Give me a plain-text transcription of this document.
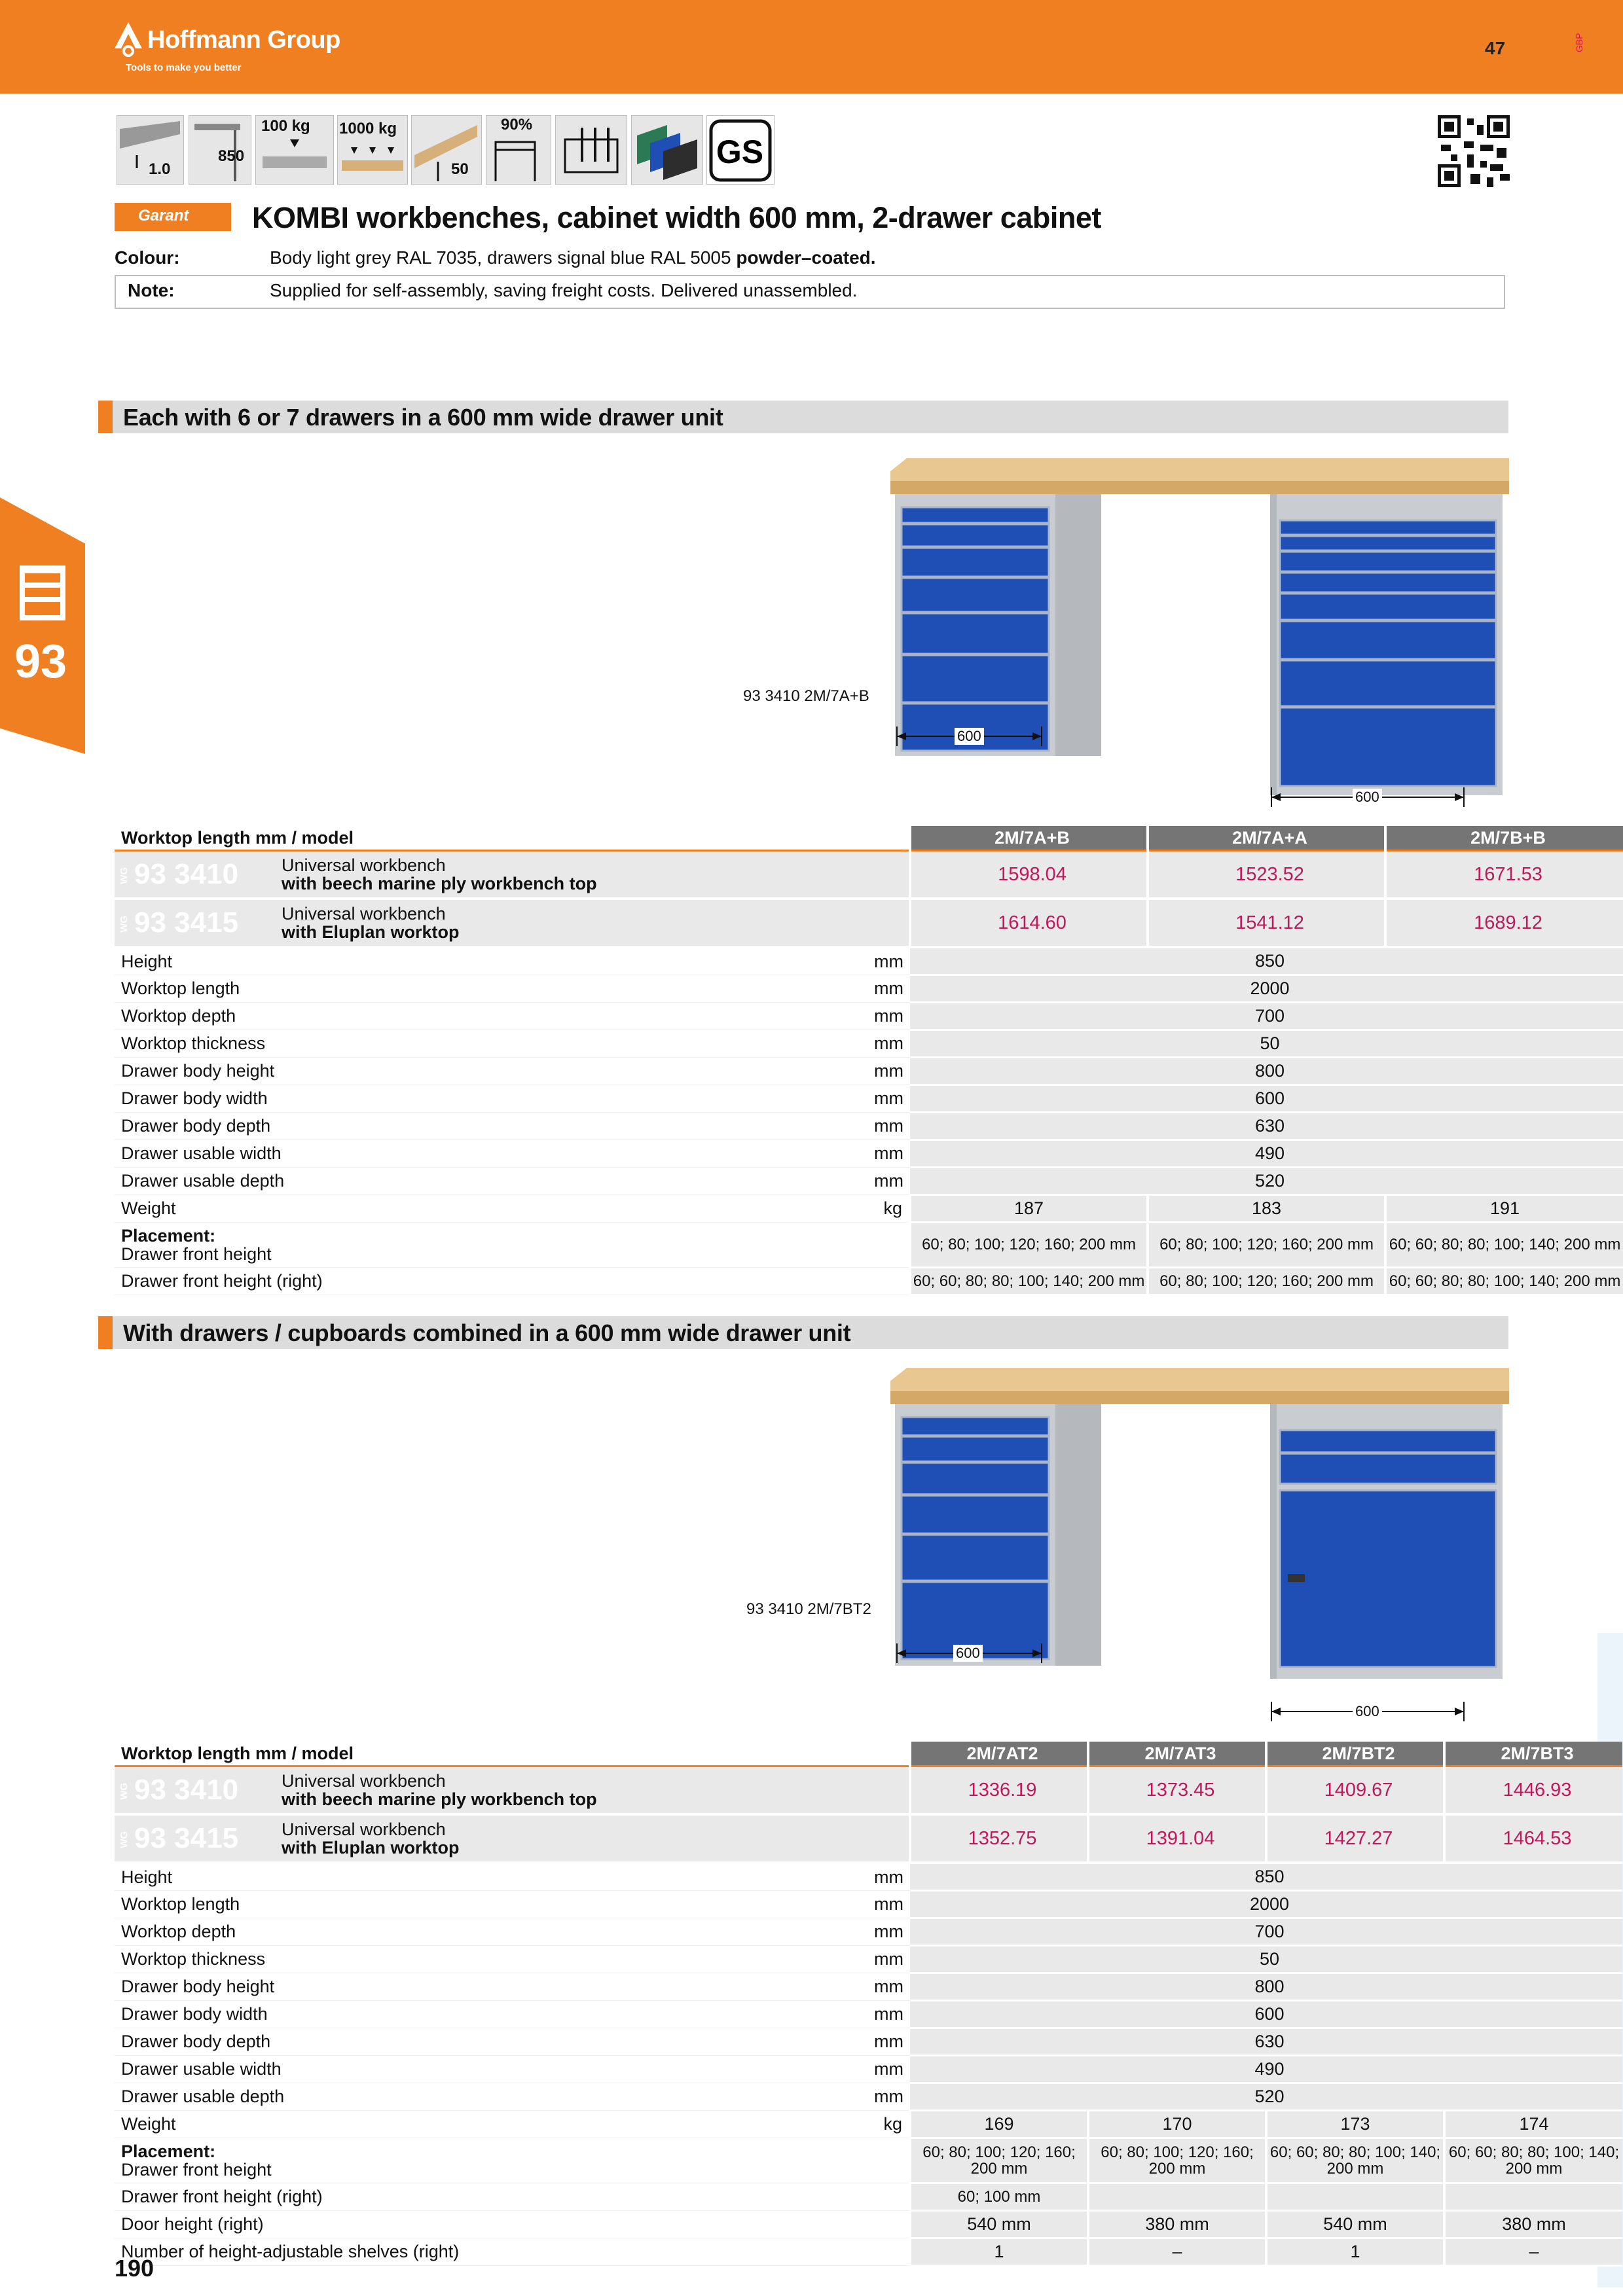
Hoffmann Group
Tools to make you better
47	GBP
1.0
850
100 kg 1000 kg
50
90%
GS
Garant	KOMBI workbenches, cabinet width 600 mm, 2-drawer cabinet
Colour:	Body light grey RAL 7035, drawers signal blue RAL 5005 powder–coated.
Note:	Supplied for self-assembly, saving freight costs. Delivered unassembled.
93
Each with 6 or 7 drawers in a 600 mm wide drawer unit
93 3410 2M/7A+B
600
600
Worktop length mm / model			2M/7A+B	2M/7A+A	2M/7B+B
WG 93 3410	Universal workbench
with beech marine ply workbench top		1598.04	1523.52	1671.53
WG 93 3415	Universal workbench
with Eluplan worktop		1614.60	1541.12	1689.12
Height		mm	850		
Worktop length		mm	2000		
Worktop depth		mm	700		
Worktop thickness		mm	50		
Drawer body height		mm	800		
Drawer body width		mm	600		
Drawer body depth		mm	630		
Drawer usable width		mm	490		
Drawer usable depth		mm	520		
Weight		kg	187	183	191

Placement:
Drawer front height			60; 80; 100; 120; 160; 200 mm	60; 80; 100; 120; 160; 200 mm	60; 60; 80; 80; 100; 140; 200 mm
Drawer front height (right)			60; 60; 80; 80; 100; 140; 200 mm	60; 80; 100; 120; 160; 200 mm	60; 60; 80; 80; 100; 140; 200 mm
With drawers / cupboards combined in a 600 mm wide drawer unit
93 3410 2M/7BT2
600
600
Worktop length mm / model			2M/7AT2	2M/7AT3	2M/7BT2	2M/7BT3
WG 93 3410	Universal workbench
with beech marine ply workbench top		1336.19	1373.45	1409.67	1446.93
WG 93 3415	Universal workbench
with Eluplan worktop		1352.75	1391.04	1427.27	1464.53
Height		mm	850			
Worktop length		mm	2000			
Worktop depth		mm	700			
Worktop thickness		mm	50			
Drawer body height		mm	800			
Drawer body width		mm	600			
Drawer body depth		mm	630			
Drawer usable width		mm	490			
Drawer usable depth		mm	520			
Weight		kg	169	170	173	174

Placement:
Drawer front height			60; 80; 100; 120; 160; 200 mm	60; 80; 100; 120; 160; 200 mm	60; 60; 80; 80; 100; 140; 200 mm	60; 60; 80; 80; 100; 140; 200 mm
Drawer front height (right)			60; 100 mm			
Door height (right)			540 mm	380 mm	540 mm	380 mm
Number of height-adjustable shelves (right)			1	–	1	–
190
